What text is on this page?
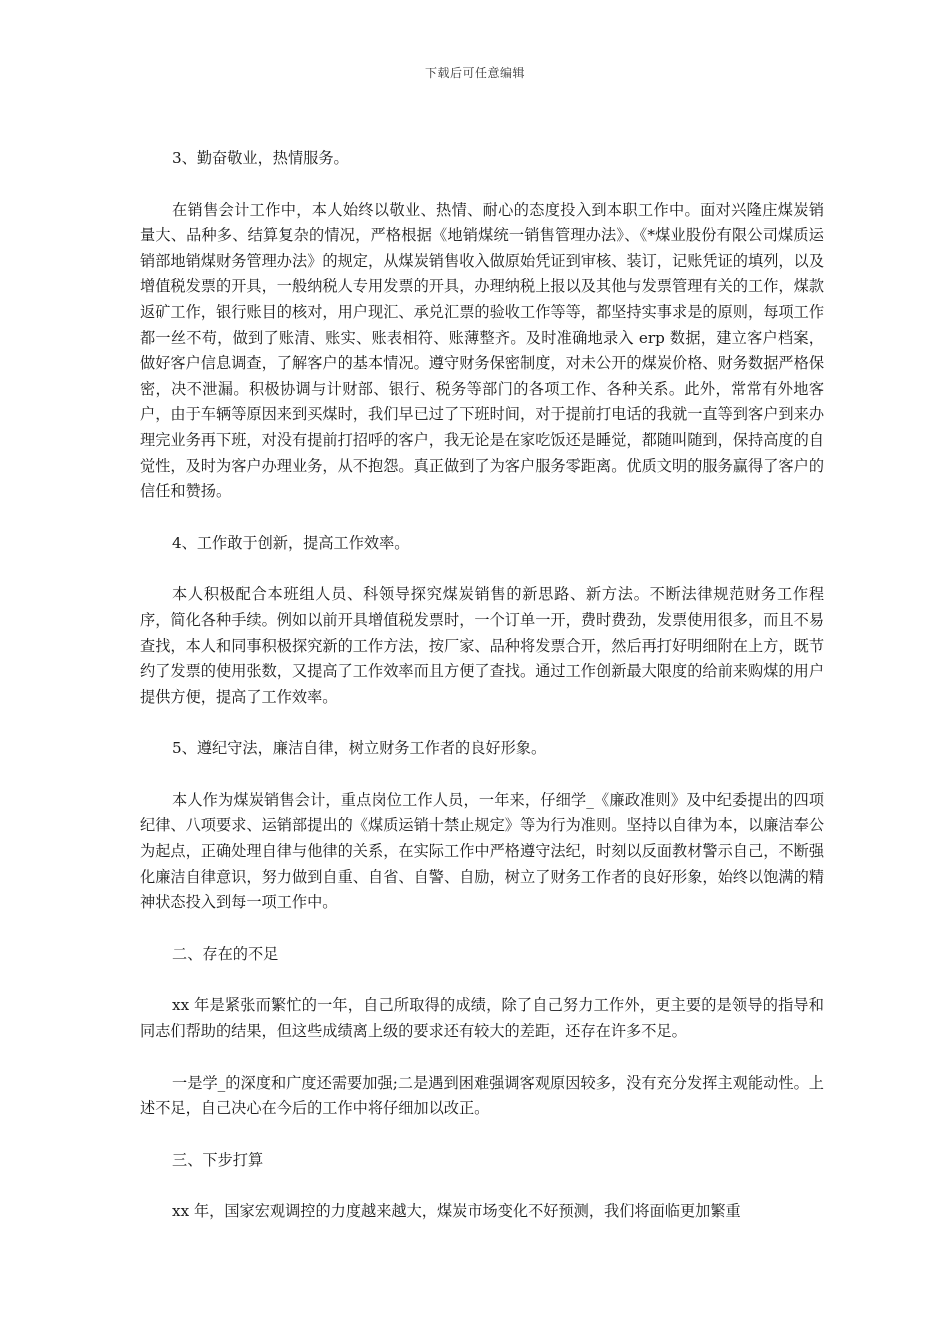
下载后可任意编辑

3、勤奋敬业，热情服务。

在销售会计工作中，本人始终以敬业、热情、耐心的态度投入到本职工作中。面对兴隆庄煤炭销量大、品种多、结算复杂的情况，严格根据《地销煤统一销售管理办法》、《*煤业股份有限公司煤质运销部地销煤财务管理办法》的规定，从煤炭销售收入做原始凭证到审核、装订，记账凭证的填列，以及增值税发票的开具，一般纳税人专用发票的开具，办理纳税上报以及其他与发票管理有关的工作，煤款返矿工作，银行账目的核对，用户现汇、承兑汇票的验收工作等等，都坚持实事求是的原则，每项工作都一丝不苟，做到了账清、账实、账表相符、账薄整齐。及时准确地录入 erp 数据，建立客户档案，做好客户信息调查，了解客户的基本情况。遵守财务保密制度，对未公开的煤炭价格、财务数据严格保密，决不泄漏。积极协调与计财部、银行、税务等部门的各项工作、各种关系。此外，常常有外地客户，由于车辆等原因来到买煤时，我们早已过了下班时间，对于提前打电话的我就一直等到客户到来办理完业务再下班，对没有提前打招呼的客户，我无论是在家吃饭还是睡觉，都随叫随到，保持高度的自觉性，及时为客户办理业务，从不抱怨。真正做到了为客户服务零距离。优质文明的服务赢得了客户的信任和赞扬。

4、工作敢于创新，提高工作效率。

本人积极配合本班组人员、科领导探究煤炭销售的新思路、新方法。不断法律规范财务工作程序，简化各种手续。例如以前开具增值税发票时，一个订单一开，费时费劲，发票使用很多，而且不易查找，本人和同事积极探究新的工作方法，按厂家、品种将发票合开，然后再打好明细附在上方，既节约了发票的使用张数，又提高了工作效率而且方便了查找。通过工作创新最大限度的给前来购煤的用户提供方便，提高了工作效率。

5、遵纪守法，廉洁自律，树立财务工作者的良好形象。

本人作为煤炭销售会计，重点岗位工作人员，一年来，仔细学_《廉政准则》及中纪委提出的四项纪律、八项要求、运销部提出的《煤质运销十禁止规定》等为行为准则。坚持以自律为本，以廉洁奉公为起点，正确处理自律与他律的关系，在实际工作中严格遵守法纪，时刻以反面教材警示自己，不断强化廉洁自律意识，努力做到自重、自省、自警、自励，树立了财务工作者的良好形象，始终以饱满的精神状态投入到每一项工作中。

二、存在的不足

xx 年是紧张而繁忙的一年，自己所取得的成绩，除了自己努力工作外，更主要的是领导的指导和同志们帮助的结果，但这些成绩离上级的要求还有较大的差距，还存在许多不足。

一是学_的深度和广度还需要加强;二是遇到困难强调客观原因较多，没有充分发挥主观能动性。上述不足，自己决心在今后的工作中将仔细加以改正。

三、下步打算

xx 年，国家宏观调控的力度越来越大，煤炭市场变化不好预测，我们将面临更加繁重
